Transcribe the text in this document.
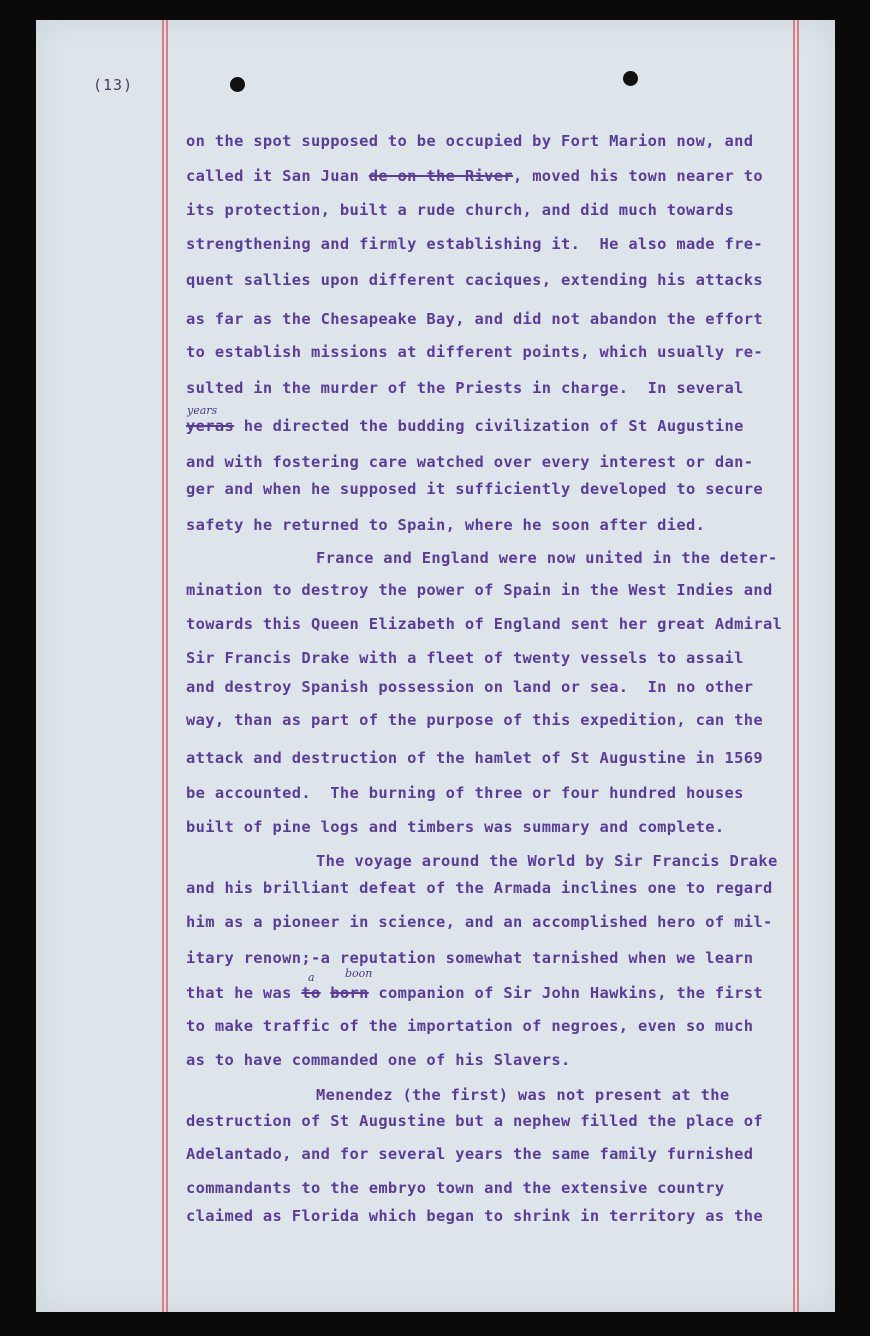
(13)
on the spot supposed to be occupied by Fort Marion now, and
called it San Juan de on the River, moved his town nearer to
its protection, built a rude church, and did much towards
strengthening and firmly establishing it.  He also made fre-
quent sallies upon different caciques, extending his attacks
as far as the Chesapeake Bay, and did not abandon the effort
to establish missions at different points, which usually re-
sulted in the murder of the Priests in charge.  In several
years
yeras he directed the budding civilization of St Augustine
and with fostering care watched over every interest or dan-
ger and when he supposed it sufficiently developed to secure
safety he returned to Spain, where he soon after died.
France and England were now united in the deter-
mination to destroy the power of Spain in the West Indies and
towards this Queen Elizabeth of England sent her great Admiral
Sir Francis Drake with a fleet of twenty vessels to assail
and destroy Spanish possession on land or sea.  In no other
way, than as part of the purpose of this expedition, can the
attack and destruction of the hamlet of St Augustine in 1569
be accounted.  The burning of three or four hundred houses
built of pine logs and timbers was summary and complete.
The voyage around the World by Sir Francis Drake
and his brilliant defeat of the Armada inclines one to regard
him as a pioneer in science, and an accomplished hero of mil-
itary renown;-a reputation somewhat tarnished when we learn
a	boon
that he was to born companion of Sir John Hawkins, the first
to make traffic of the importation of negroes, even so much
as to have commanded one of his Slavers.
Menendez (the first) was not present at the
destruction of St Augustine but a nephew filled the place of
Adelantado, and for several years the same family furnished
commandants to the embryo town and the extensive country
claimed as Florida which began to shrink in territory as the
